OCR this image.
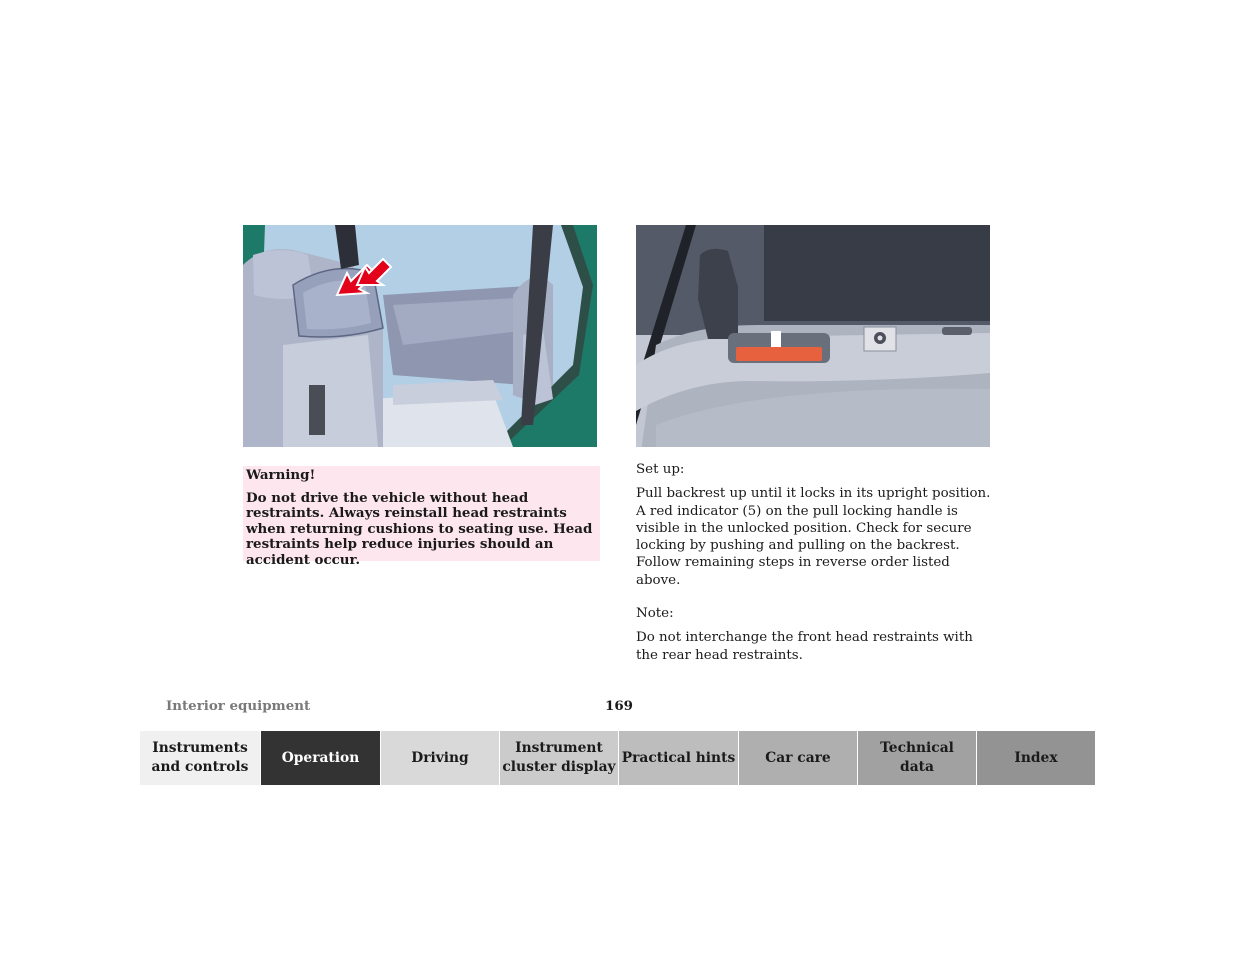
Warning!

Do not drive the vehicle without head restraints. Always reinstall head restraints when returning cushions to seating use. Head restraints help reduce injuries should an accident occur.

Set up:

Pull backrest up until it locks in its upright position. A red indicator (5) on the pull locking handle is visible in the unlocked position. Check for secure locking by pushing and pulling on the backrest. Follow remaining steps in reverse order listed above.

Note:

Do not interchange the front head restraints with the rear head restraints.

Interior equipment	169
Instruments
and controls
Operation	Driving
Instrument
cluster display
Practical hints	Car care
Technical
data
Index
